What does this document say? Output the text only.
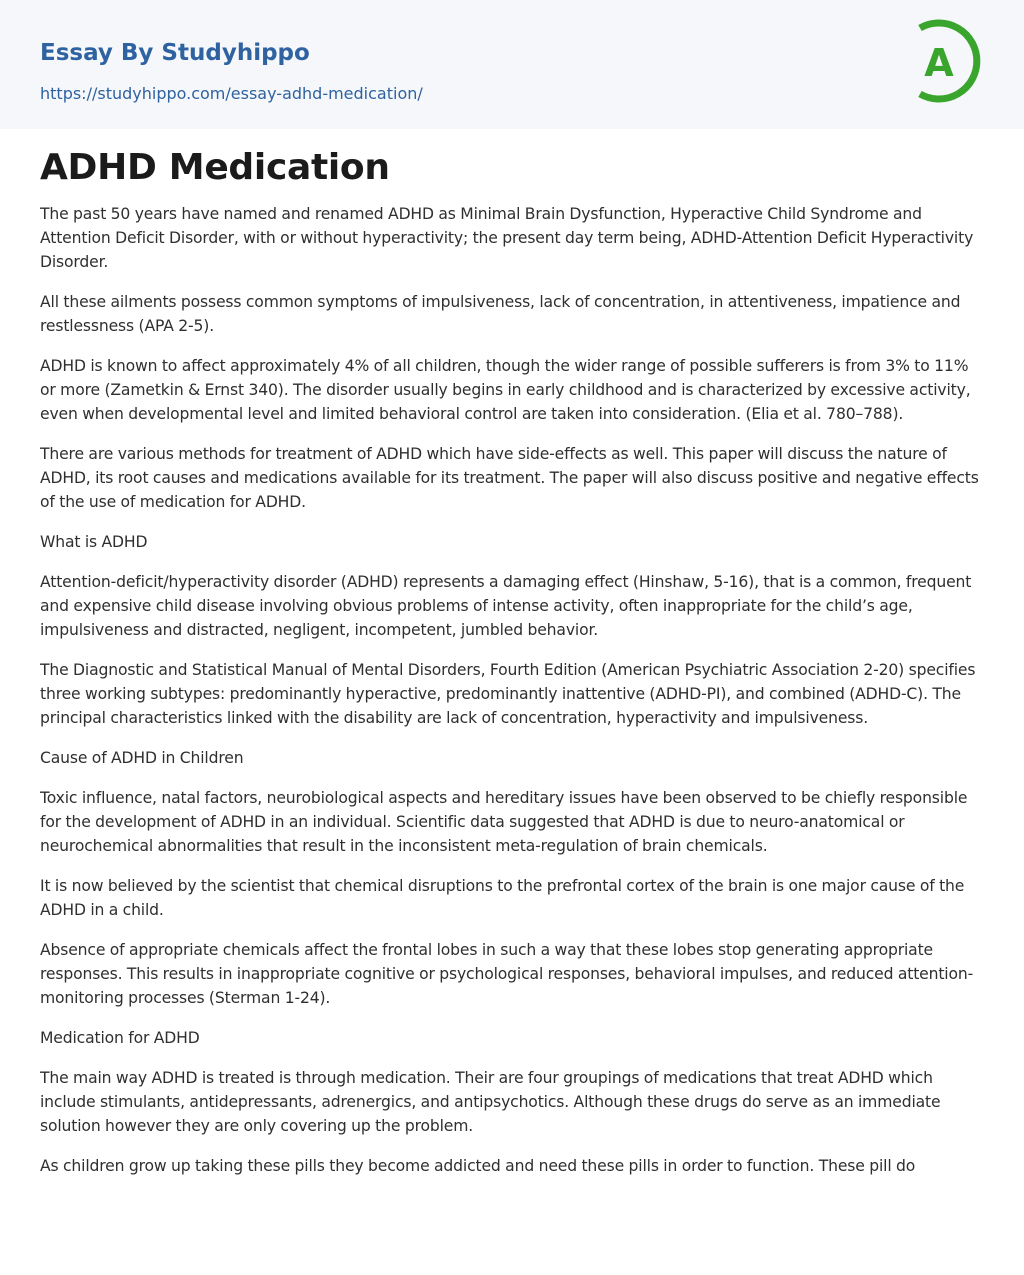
Essay By Studyhippo
https://studyhippo.com/essay-adhd-medication/
A
ADHD Medication

The past 50 years have named and renamed ADHD as Minimal Brain Dysfunction, Hyperactive Child Syndrome and Attention Deficit Disorder, with or without hyperactivity; the present day term being, ADHD-Attention Deficit Hyperactivity Disorder.

All these ailments possess common symptoms of impulsiveness, lack of concentration, in attentiveness, impatience and restlessness (APA 2-5).

ADHD is known to affect approximately 4% of all children, though the wider range of possible sufferers is from 3% to 11% or more (Zametkin & Ernst 340). The disorder usually begins in early childhood and is characterized by excessive activity, even when developmental level and limited behavioral control are taken into consideration. (Elia et al. 780–788).

There are various methods for treatment of ADHD which have side-effects as well. This paper will discuss the nature of ADHD, its root causes and medications available for its treatment. The paper will also discuss positive and negative effects of the use of medication for ADHD.

What is ADHD

Attention-deficit/hyperactivity disorder (ADHD) represents a damaging effect (Hinshaw, 5-16), that is a common, frequent and expensive child disease involving obvious problems of intense activity, often inappropriate for the child’s age, impulsiveness and distracted, negligent, incompetent, jumbled behavior.

The Diagnostic and Statistical Manual of Mental Disorders, Fourth Edition (American Psychiatric Association 2-20) specifies three working subtypes: predominantly hyperactive, predominantly inattentive (ADHD-PI), and combined (ADHD-C). The principal characteristics linked with the disability are lack of concentration, hyperactivity and impulsiveness.

Cause of ADHD in Children

Toxic influence, natal factors, neurobiological aspects and hereditary issues have been observed to be chiefly responsible for the development of ADHD in an individual. Scientific data suggested that ADHD is due to neuro-anatomical or neurochemical abnormalities that result in the inconsistent meta-regulation of brain chemicals.

It is now believed by the scientist that chemical disruptions to the prefrontal cortex of the brain is one major cause of the ADHD in a child.

Absence of appropriate chemicals affect the frontal lobes in such a way that these lobes stop generating appropriate responses. This results in inappropriate cognitive or psychological responses, behavioral impulses, and reduced attention-monitoring processes (Sterman 1-24).

Medication for ADHD

The main way ADHD is treated is through medication. Their are four groupings of medications that treat ADHD which include stimulants, antidepressants, adrenergics, and antipsychotics. Although these drugs do serve as an immediate solution however they are only covering up the problem.

As children grow up taking these pills they become addicted and need these pills in order to function. These pill do
